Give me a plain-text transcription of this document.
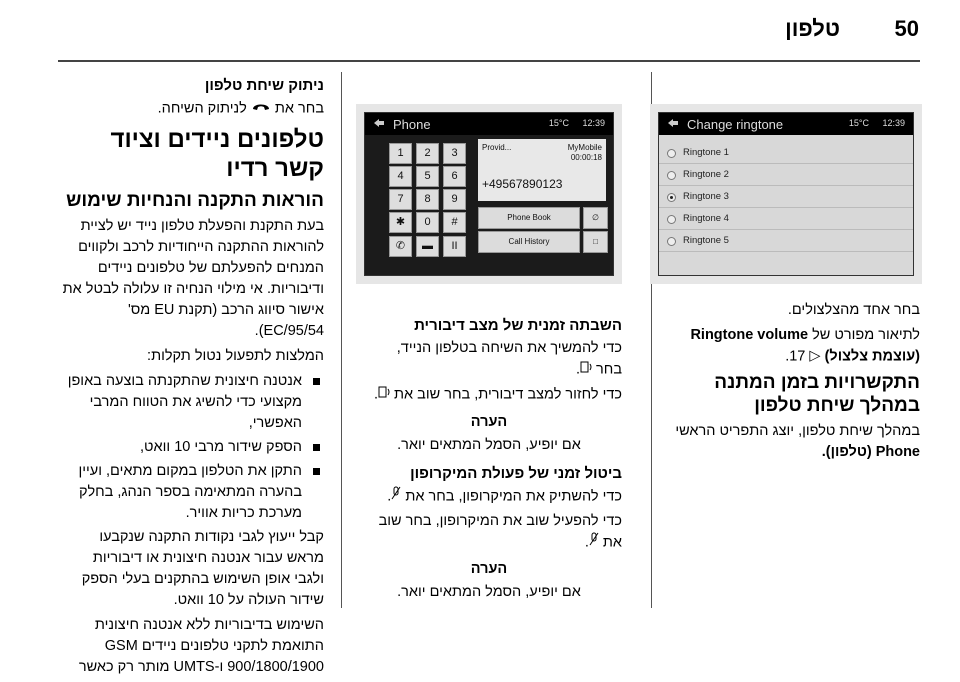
50
טלפון
ניתוק שיחת טלפון

בחר את  לניתוק השיחה.

טלפונים ניידים וציוד קשר רדיו
הוראות התקנה והנחיות שימוש

בעת התקנת והפעלת טלפון נייד יש לציית להוראות ההתקנה הייחודיות לרכב ולקווים המנחים להפעלתם של טלפונים ניידים ודיבוריות. אי מילוי הנחיה זו עלולה לבטל את אישור סיווג הרכב (תקנת EU מס' EC/95/54).

המלצות לתפעול נטול תקלות:

אנטנה חיצונית שהתקנתה בוצעה באופן מקצועי כדי להשיג את הטווח המרבי האפשרי,
הספק שידור מרבי 10 וואט,
התקן את הטלפון במקום מתאים, ועיין בהערה המתאימה בספר הנהג, בחלק מערכת כריות אוויר.

קבל ייעוץ לגבי נקודות התקנה שנקבעו מראש עבור אנטנה חיצונית או דיבוריות ולגבי אופן השימוש בהתקנים בעלי הספק שידור העולה על 10 וואט.

השימוש בדיבוריות ללא אנטנה חיצונית התואמת לתקני טלפונים ניידים GSM 900/1800/1900 ו-UMTS מותר רק כאשר

Phone	15°C 12:39
1	2	3
4	5	6
7	8	9
✱	0	#
✆	▬	II
Provid...	MyMobile
00:00:18
+49567890123
Phone Book	∅
Call History	□
השבתה זמנית של מצב דיבורית

כדי להמשיך את השיחה בטלפון הנייד,
בחר .

כדי לחזור למצב דיבורית, בחר שוב את .

הערה
אם יופיע, הסמל המתאים יואר.
ביטול זמני של פעולת המיקרופון

כדי להשתיק את המיקרופון, בחר את .

כדי להפעיל שוב את המיקרופון, בחר שוב את .

הערה
אם יופיע, הסמל המתאים יואר.
Change ringtone	15°C 12:39
Ringtone 1
Ringtone 2
Ringtone 3
Ringtone 4
Ringtone 5

בחר אחד מהצלצולים.

לתיאור מפורט של Ringtone volume (עוצמת צלצול) ▷ 17.

התקשרויות בזמן המתנה במהלך שיחת טלפון

במהלך שיחת טלפון, יוצג התפריט הראשי Phone (טלפון).
